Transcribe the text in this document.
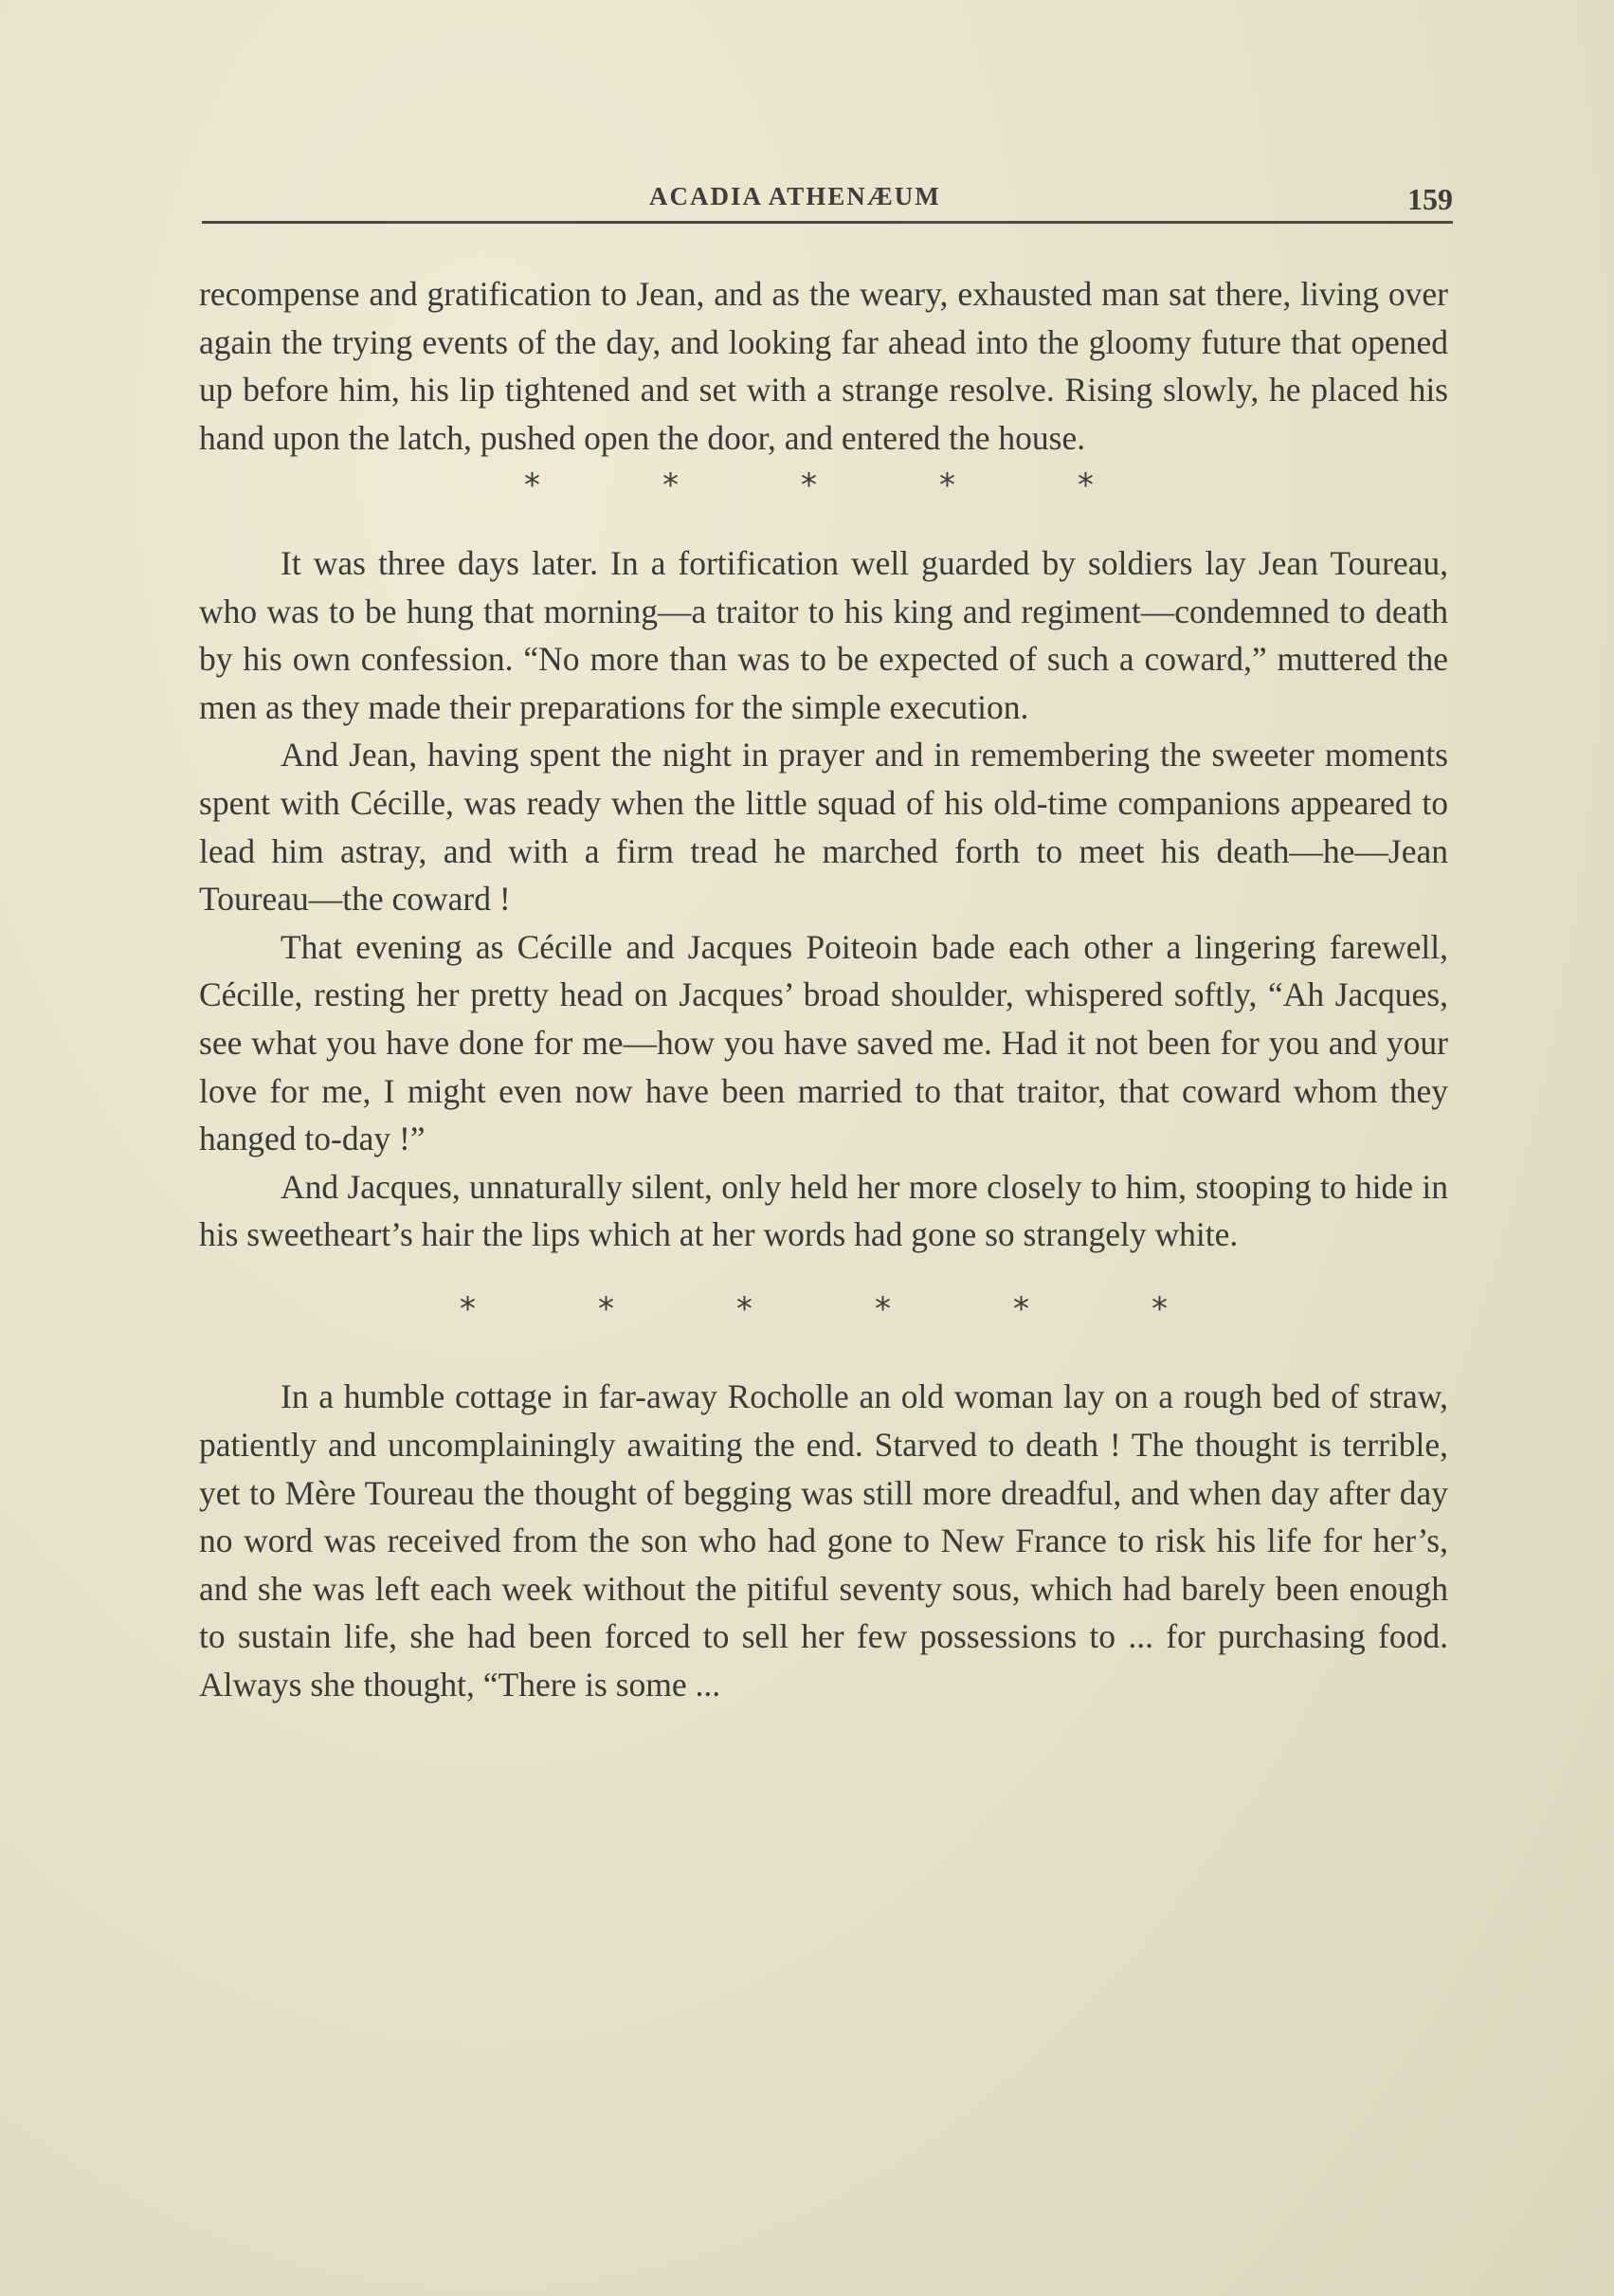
ACADIA ATHENÆUM	159

recompense and gratification to Jean, and as the weary, exhausted man sat there, living over again the trying events of the day, and looking far ahead into the gloomy future that opened up before him, his lip tightened and set with a strange resolve. Rising slowly, he placed his hand upon the latch, pushed open the door, and entered the house.

*	*	*	*	*

It was three days later. In a fortification well guarded by soldiers lay Jean Toureau, who was to be hung that morning—a traitor to his king and regiment—condemned to death by his own confession. “No more than was to be expected of such a coward,” muttered the men as they made their preparations for the simple execution.

And Jean, having spent the night in prayer and in remembering the sweeter moments spent with Cécille, was ready when the little squad of his old-time companions appeared to lead him astray, and with a firm tread he marched forth to meet his death—he—Jean Toureau—the coward !

That evening as Cécille and Jacques Poiteoin bade each other a lingering farewell, Cécille, resting her pretty head on Jacques’ broad shoulder, whispered softly, “Ah Jacques, see what you have done for me—how you have saved me. Had it not been for you and your love for me, I might even now have been married to that traitor, that coward whom they hanged to-day !”

And Jacques, unnaturally silent, only held her more closely to him, stooping to hide in his sweetheart’s hair the lips which at her words had gone so strangely white.

*	*	*	*	*	*

In a humble cottage in far-away Rocholle an old woman lay on a rough bed of straw, patiently and uncomplainingly awaiting the end. Starved to death ! The thought is terrible, yet to Mère Toureau the thought of begging was still more dreadful, and when day after day no word was received from the son who had gone to New France to risk his life for her’s, and she was left each week without the pitiful seventy sous, which had barely been enough to sustain life, she had been forced to sell her few possessions to ... for purchasing food. Always she thought, “There is some ...
